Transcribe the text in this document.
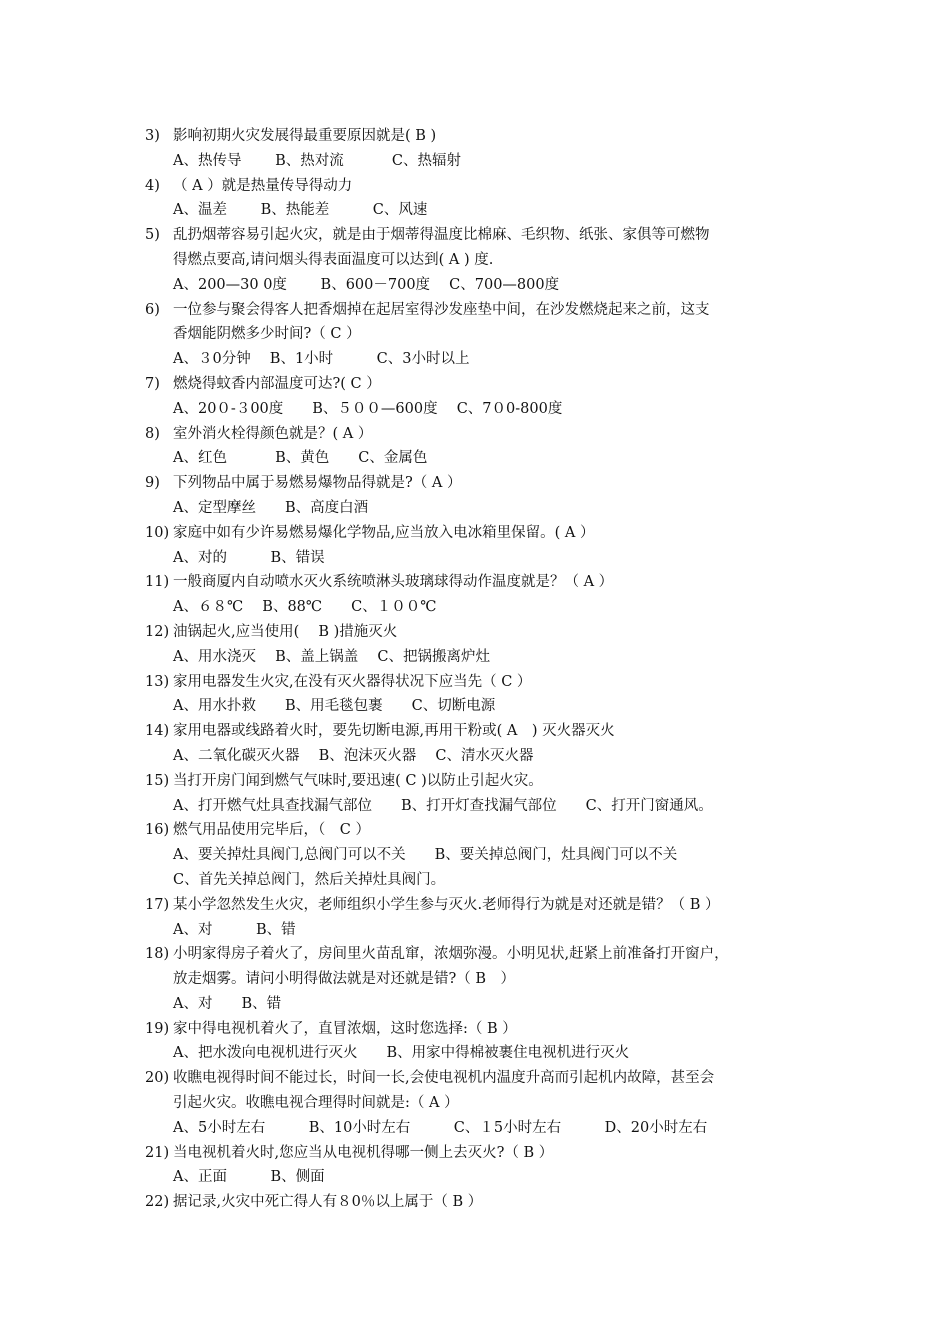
3) 影响初期火灾发展得最重要原因就是( B )
A、热传导　　 B、热对流　　　 C、热辐射
4) （ A ）就是热量传导得动力
A、温差　　 B、热能差　　　C、风速
5) 乱扔烟蒂容易引起火灾，就是由于烟蒂得温度比棉麻、毛织物、纸张、家俱等可燃物
得燃点要高,请问烟头得表面温度可以达到( A ) 度.
A、200—30 0度　　 B、600－700度　 C、700—800度
6) 一位参与聚会得客人把香烟掉在起居室得沙发座垫中间，在沙发燃烧起来之前，这支
香烟能阴燃多少时间?（ C ）
A、３0分钟　 B、1小时　　　C、3小时以上
7) 燃烧得蚊香内部温度可达?( C ）
A、20０-３00度　　B、５００—600度　 C、7０0-800度
8) 室外消火栓得颜色就是？( A ）
A、红色　　　 B、黄色　　C、金属色
9) 下列物品中属于易燃易爆物品得就是?（ A ）
A、定型摩丝　　B、高度白酒
10) 家庭中如有少许易燃易爆化学物品,应当放入电冰箱里保留。( A ）
A、对的　　　B、错误
11) 一般商厦内自动喷水灭火系统喷淋头玻璃球得动作温度就是？（ A ）
A、６８℃　 B、88℃　　C、１００℃
12) 油锅起火,应当使用(　 B )措施灭火
A、用水浇灭　 B、盖上锅盖　 C、把锅搬离炉灶
13) 家用电器发生火灾,在没有灭火器得状况下应当先（ C ）
A、用水扑救　　B、用毛毯包裹　　C、切断电源
14) 家用电器或线路着火时，要先切断电源,再用干粉或( A　) 灭火器灭火
A、二氧化碳灭火器　 B、泡沫灭火器　 C、清水灭火器
15) 当打开房门闻到燃气气味时,要迅速( C )以防止引起火灾。
A、打开燃气灶具查找漏气部位　　B、打开灯查找漏气部位　　C、打开门窗通风。
16) 燃气用品使用完毕后，（　C ）
A、要关掉灶具阀门,总阀门可以不关　　B、要关掉总阀门，灶具阀门可以不关
C、首先关掉总阀门，然后关掉灶具阀门。
17) 某小学忽然发生火灾，老师组织小学生参与灭火.老师得行为就是对还就是错？（ B ）
A、对　　　B、错
18) 小明家得房子着火了，房间里火苗乱窜，浓烟弥漫。小明见状,赶紧上前准备打开窗户，
放走烟雾。请问小明得做法就是对还就是错?（ B　）
A、对　　B、错
19) 家中得电视机着火了，直冒浓烟，这时您选择:（ B ）
A、把水泼向电视机进行灭火　　B、用家中得棉被裹住电视机进行灭火
20) 收瞧电视得时间不能过长，时间一长,会使电视机内温度升高而引起机内故障，甚至会
引起火灾。收瞧电视合理得时间就是:（ A ）
A、5小时左右　　　B、10小时左右　　　C、１5小时左右　　　D、20小时左右
21) 当电视机着火时,您应当从电视机得哪一侧上去灭火?（ B ）
A、正面　　　B、侧面
22) 据记录,火灾中死亡得人有８0％以上属于（ B ）
